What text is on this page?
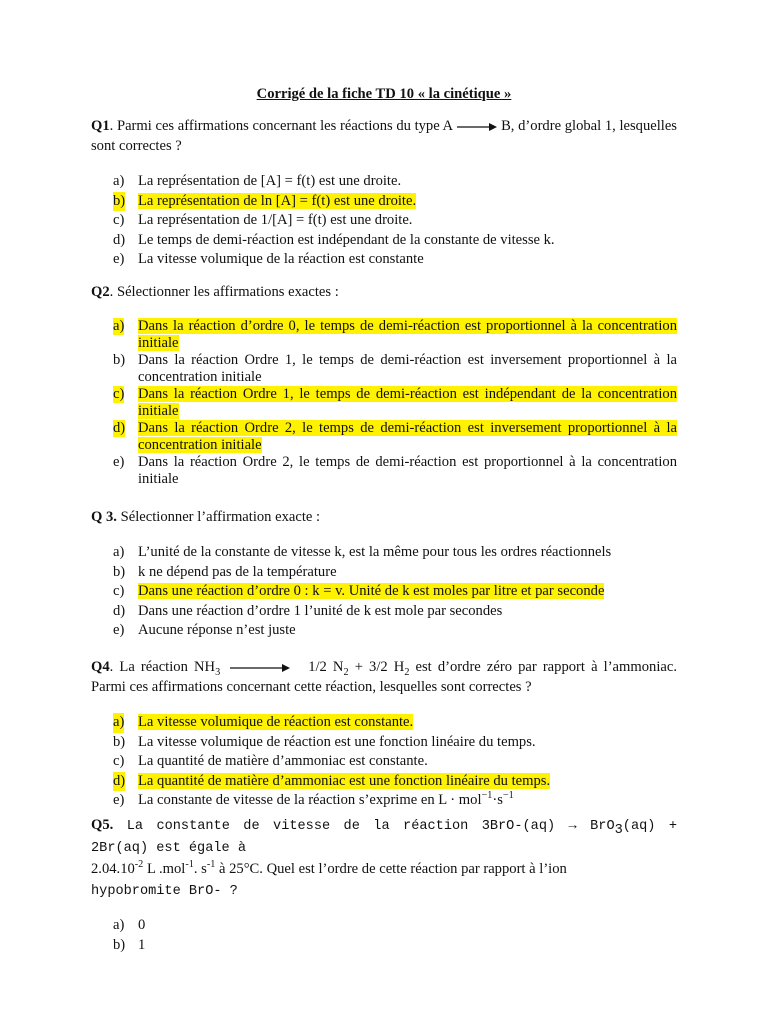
Corrigé de la fiche TD 10 « la cinétique »
Q1. Parmi ces affirmations concernant les réactions du type A → B, d’ordre global 1, lesquelles sont correctes ?
a) La représentation de [A] = f(t) est une droite.
b) La représentation de ln [A] = f(t) est une droite.
c) La représentation de 1/[A] = f(t) est une droite.
d) Le temps de demi-réaction est indépendant de la constante de vitesse k.
e) La vitesse volumique de la réaction est constante
Q2. Sélectionner les affirmations exactes :
a) Dans la réaction d’ordre 0, le temps de demi-réaction est proportionnel à la concentration initiale
b) Dans la réaction Ordre 1, le temps de demi-réaction est inversement proportionnel à la concentration initiale
c) Dans la réaction Ordre 1, le temps de demi-réaction est indépendant de la concentration initiale
d) Dans la réaction Ordre 2, le temps de demi-réaction est inversement proportionnel à la concentration initiale
e) Dans la réaction Ordre 2, le temps de demi-réaction est proportionnel à la concentration initiale
Q 3. Sélectionner l’affirmation exacte :
a) L’unité de la constante de vitesse k, est la même pour tous les ordres réactionnels
b) k ne dépend pas de la température
c) Dans une réaction d’ordre 0 : k = v. Unité de k est moles par litre et par seconde
d) Dans une réaction d’ordre 1 l’unité de k est mole par secondes
e) Aucune réponse n’est juste
Q4. La réaction $NH_3$	1/2 $N_2 + 3/2$ $H_2$ est d’ordre zéro par rapport à l’ammoniac. Parmi ces affirmations concernant cette réaction, lesquelles sont correctes ?
a) La vitesse volumique de réaction est constante.
b) La vitesse volumique de réaction est une fonction linéaire du temps.
c) La quantité de matière d’ammoniac est constante.
d) La quantité de matière d’ammoniac est une fonction linéaire du temps.
e) La constante de vitesse de la réaction s’exprime en $L \cdot mol^{-1}\cdot s^{-1}$
Q5. La constante de vitesse de la réaction 3BrO-(aq) → BrO$_3$(aq) + 2Br(aq) est égale à
$2.04.10^{-2}$ L .mol$^{-1}$. $s^{-1}$ à 25°C. Quel est l’ordre de cette réaction par rapport à l’ion
hypobromite BrO- ?
a) 0
b) 1
